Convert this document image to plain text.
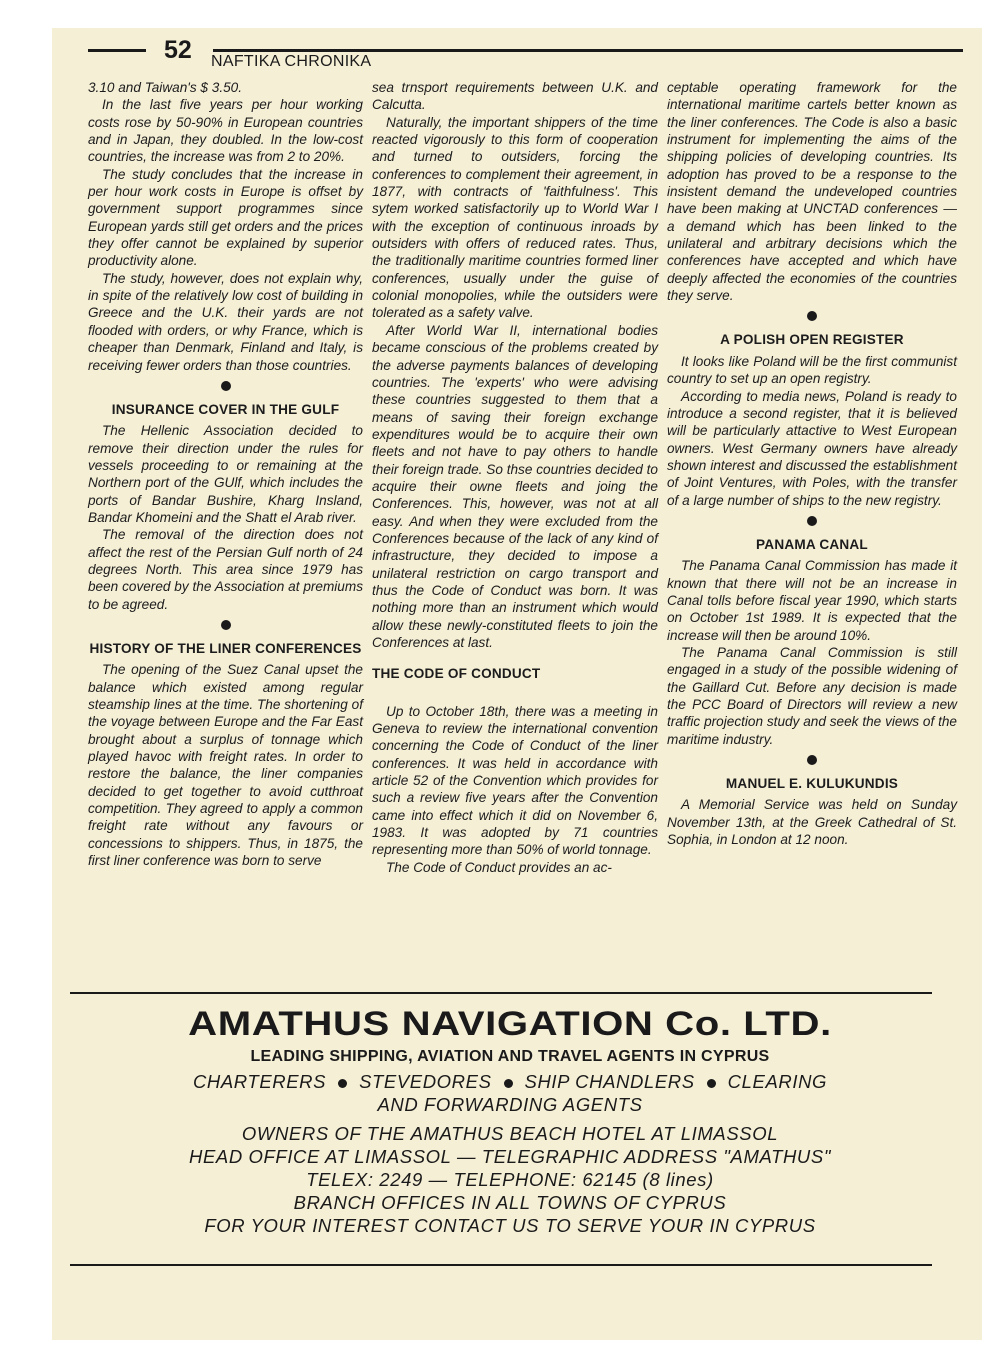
52 NAFTIKA CHRONIKA

3.10 and Taiwan's $ 3.50.

In the last five years per hour working costs rose by 50-90% in European countries and in Japan, they doubled. In the low-cost countries, the increase was from 2 to 20%.

The study concludes that the increase in per hour work costs in Europe is offset by government support programmes since European yards still get orders and the prices they offer cannot be explained by superior productivity alone.

The study, however, does not explain why, in spite of the relatively low cost of building in Greece and the U.K. their yards are not flooded with orders, or why France, which is cheaper than Denmark, Finland and Italy, is receiving fewer orders than those countries.

INSURANCE COVER IN THE GULF

The Hellenic Association decided to remove their direction under the rules for vessels proceeding to or remaining at the Northern port of the GUlf, which includes the ports of Bandar Bushire, Kharg Insland, Bandar Khomeini and the Shatt el Arab river.

The removal of the direction does not affect the rest of the Persian Gulf north of 24 degrees North. This area since 1979 has been covered by the Association at premiums to be agreed.

HISTORY OF THE LINER CONFERENCES

The opening of the Suez Canal upset the balance which existed among regular steamship lines at the time. The shortening of the voyage between Europe and the Far East brought about a surplus of tonnage which played havoc with freight rates. In order to restore the balance, the liner companies decided to get together to avoid cutthroat competition. They agreed to apply a common freight rate without any favours or concessions to shippers. Thus, in 1875, the first liner conference was born to serve

sea trnsport requirements between U.K. and Calcutta.

Naturally, the important shippers of the time reacted vigorously to this form of cooperation and turned to outsiders, forcing the conferences to complement their agreement, in 1877, with contracts of 'faithfulness'. This sytem worked satisfactorily up to World War I with the exception of continuous inroads by outsiders with offers of reduced rates. Thus, the traditionally maritime countries formed liner conferences, usually under the guise of colonial monopolies, while the outsiders were tolerated as a safety valve.

After World War II, international bodies became conscious of the problems created by the adverse payments balances of developing countries. The 'experts' who were advising these countries suggested to them that a means of saving their foreign exchange expenditures would be to acquire their own fleets and not have to pay others to handle their foreign trade. So thse countries decided to acquire their owne fleets and joing the Conferences. This, however, was not at all easy. And when they were excluded from the Conferences because of the lack of any kind of infrastructure, they decided to impose a unilateral restriction on cargo transport and thus the Code of Conduct was born. It was nothing more than an instrument which would allow these newly-constituted fleets to join the Conferences at last.

THE CODE OF CONDUCT

Up to October 18th, there was a meeting in Geneva to review the international convention concerning the Code of Conduct of the liner conferences. It was held in accordance with article 52 of the Convention which provides for such a review five years after the Convention came into effect which it did on November 6, 1983. It was adopted by 71 countries representing more than 50% of world tonnage.

The Code of Conduct provides an ac-

ceptable operating framework for the international maritime cartels better known as the liner conferences. The Code is also a basic instrument for implementing the aims of the shipping policies of developing countries. Its adoption has proved to be a response to the insistent demand the undeveloped countries have been making at UNCTAD conferences — a demand which has been linked to the unilateral and arbitrary decisions which the conferences have accepted and which have deeply affected the economies of the countries they serve.

A POLISH OPEN REGISTER

It looks like Poland will be the first communist country to set up an open registry.

According to media news, Poland is ready to introduce a second register, that it is believed will be particularly attactive to West European owners. West Germany owners have already shown interest and discussed the establishment of Joint Ventures, with Poles, with the transfer of a large number of ships to the new registry.

PANAMA CANAL

The Panama Canal Commission has made it known that there will not be an increase in Canal tolls before fiscal year 1990, which starts on October 1st 1989. It is expected that the increase will then be around 10%.

The Panama Canal Commission is still engaged in a study of the possible widening of the Gaillard Cut. Before any decision is made the PCC Board of Directors will review a new traffic projection study and seek the views of the maritime industry.

MANUEL E. KULUKUNDIS

A Memorial Service was held on Sunday November 13th, at the Greek Cathedral of St. Sophia, in London at 12 noon.

AMATHUS NAVIGATION Co. LTD.
LEADING SHIPPING, AVIATION AND TRAVEL AGENTS IN CYPRUS
CHARTERERS STEVEDORES SHIP CHANDLERS CLEARING
AND FORWARDING AGENTS
OWNERS OF THE AMATHUS BEACH HOTEL AT LIMASSOL
HEAD OFFICE AT LIMASSOL — TELEGRAPHIC ADDRESS "AMATHUS"
TELEX: 2249 — TELEPHONE: 62145 (8 lines)
BRANCH OFFICES IN ALL TOWNS OF CYPRUS
FOR YOUR INTEREST CONTACT US TO SERVE YOUR IN CYPRUS
